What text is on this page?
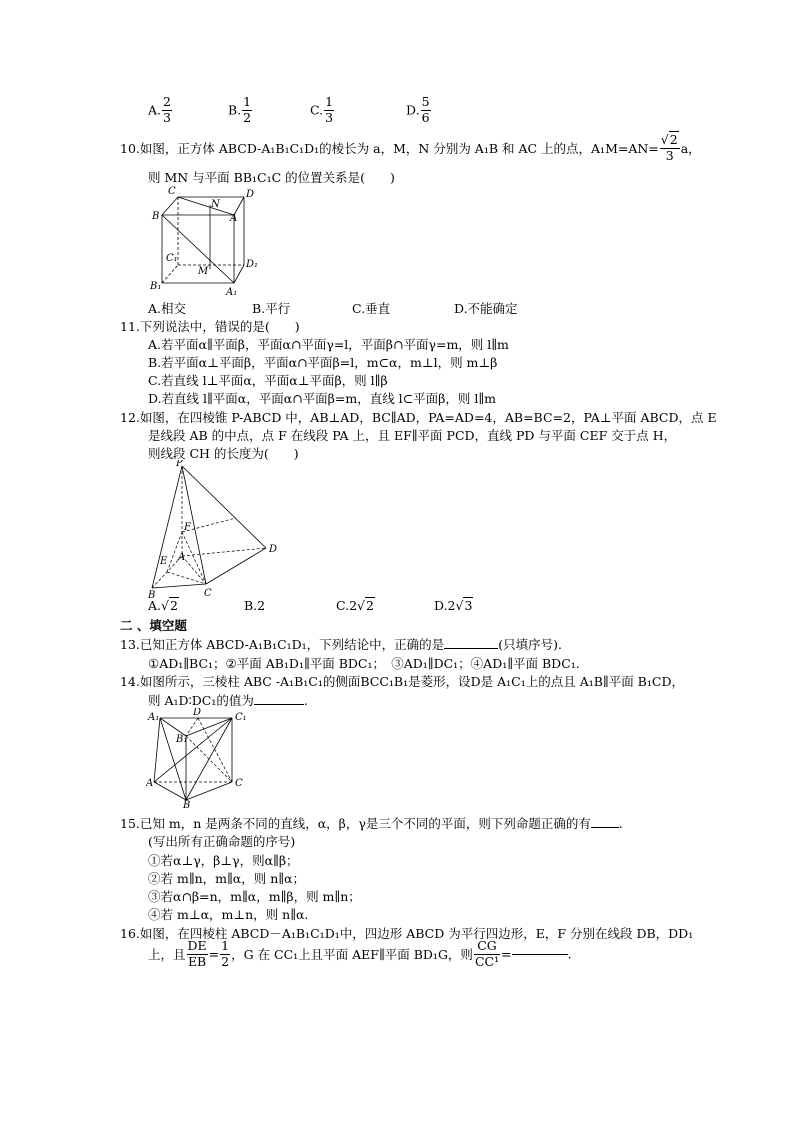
A. $\frac{2}{3}$	B. $\frac{1}{2}$	C. $\frac{1}{3}$	D. $\frac{5}{6}$
10.如图，正方体 ABCD-A₁B₁C₁D₁的棱长为 a，M，N 分别为 A₁B 和 AC 上的点，$A_1M=AN= \frac{√2}{3}$ a，
则 MN 与平面 BB₁C₁C 的位置关系是(　　)
C	D
N
B	A
C₁
M
D₁
B₁
A₁
A.相交	B.平行	C.垂直	D.不能确定
11.下列说法中，错误的是(　　)
A.若平面α∥平面β，平面α∩平面γ=l，平面β∩平面γ=m，则 l∥m
B.若平面α⊥平面β，平面α∩平面β=l，m⊂α，m⊥l，则 m⊥β
C.若直线 l⊥平面α，平面α⊥平面β，则 l∥β
D.若直线 l∥平面α，平面α∩平面β=m，直线 l⊂平面β，则 l∥m
12.如图，在四棱锥 P-ABCD 中，AB⊥AD，BC∥AD，PA=AD=4，AB=BC=2，PA⊥平面 ABCD，点 E
是线段 AB 的中点，点 F 在线段 PA 上，且 EF∥平面 PCD，直线 PD 与平面 CEF 交于点 H，
则线段 CH 的长度为(　　)
P
F
D
A
E
B	C
A.√2	B.2	C.2√2	D.2√3
二 、填空题
13.已知正方体 ABCD-A₁B₁C₁D₁，下列结论中，正确的是	(只填序号).
①AD₁∥BC₁；②平面 AB₁D₁∥平面 BDC₁；　③AD₁∥DC₁；④AD₁∥平面 BDC₁.
14.如图所示，三棱柱 ABC -A₁B₁C₁的侧面BCC₁B₁是菱形，设D是 A₁C₁上的点且 A₁B∥平面 B₁CD，
则 A₁D∶DC₁的值为	.
A₁	D	C₁
B₁
A	C
B
15.已知 m，n 是两条不同的直线，α，β，γ是三个不同的平面，则下列命题正确的有 .
(写出所有正确命题的序号)
①若α⊥γ，β⊥γ，则α∥β；
②若 m∥n，m∥α，则 n∥α；
③若α∩β=n，m∥α，m∥β，则 m∥n；
④若 m⊥α，m⊥n，则 n∥α.
16.如图，在四棱柱 ABCD－A₁B₁C₁D₁中，四边形 ABCD 为平行四边形，E，F 分别在线段 DB，DD₁
上，且 $\frac{DE}{EB} = \frac{1}{2}$ ，G 在 CC₁上且平面 AEF∥平面 BD₁G，则 $\frac{CG}{\text{CC¹}}$ =	.
